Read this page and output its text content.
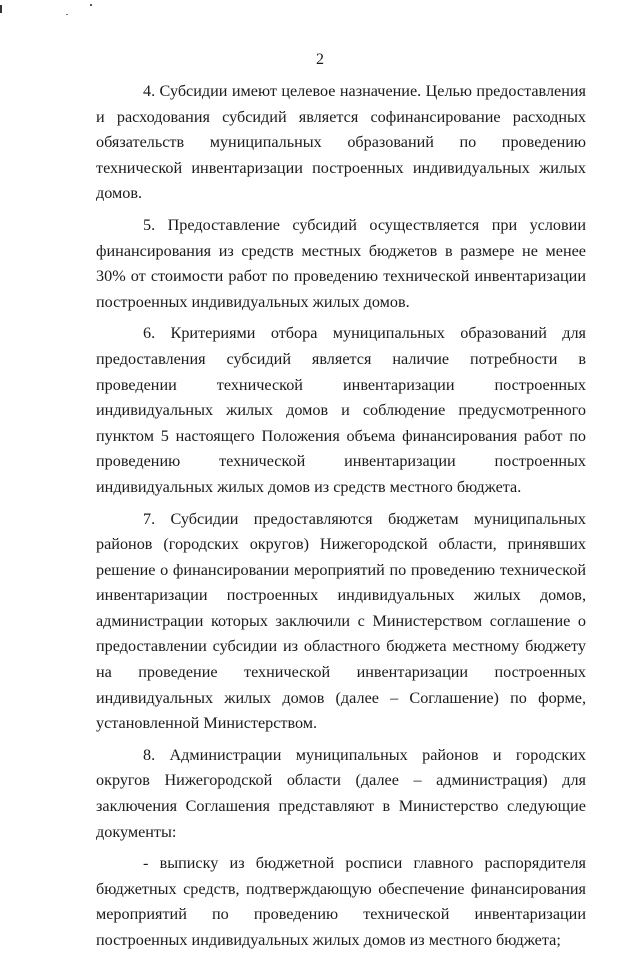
2

4. Субсидии имеют целевое назначение. Целью предоставления и расходования субсидий является софинансирование расходных обязательств муниципальных образований по проведению технической инвентаризации построенных индивидуальных жилых домов.

5. Предоставление субсидий осуществляется при условии финансирования из средств местных бюджетов в размере не менее 30% от стоимости работ по проведению технической инвентаризации построенных индивидуальных жилых домов.

6. Критериями отбора муниципальных образований для предоставления субсидий является наличие потребности в проведении технической инвентаризации построенных индивидуальных жилых домов и соблюдение предусмотренного пунктом 5 настоящего Положения объема финансирования работ по проведению технической инвентаризации построенных индивидуальных жилых домов из средств местного бюджета.

7. Субсидии предоставляются бюджетам муниципальных районов (городских округов) Нижегородской области, принявших решение о финансировании мероприятий по проведению технической инвентаризации построенных индивидуальных жилых домов, администрации которых заключили с Министерством соглашение о предоставлении субсидии из областного бюджета местному бюджету на проведение технической инвентаризации построенных индивидуальных жилых домов (далее – Соглашение) по форме, установленной Министерством.

8. Администрации муниципальных районов и городских округов Нижегородской области (далее – администрация) для заключения Соглашения представляют в Министерство следующие документы:

- выписку из бюджетной росписи главного распорядителя бюджетных средств, подтверждающую обеспечение финансирования мероприятий по проведению технической инвентаризации построенных индивидуальных жилых домов из местного бюджета;
